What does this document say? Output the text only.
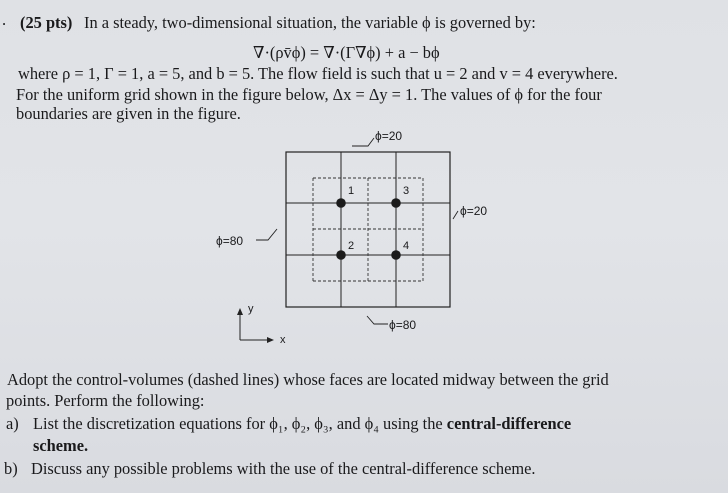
. (25 pts) In a steady, two-dimensional situation, the variable ϕ is governed by:
∇·(ρv̄ϕ) = ∇·(Γ∇ϕ) + a − bϕ
where ρ = 1, Γ = 1, a = 5, and b = 5. The flow field is such that u = 2 and v = 4 everywhere.
For the uniform grid shown in the figure below, Δx = Δy = 1. The values of ϕ for the four
boundaries are given in the figure.
1	3
2	4
ϕ=20
ϕ=20
ϕ=80
ϕ=80
y
x
Adopt the control-volumes (dashed lines) whose faces are located midway between the grid
points. Perform the following:
a) List the discretization equations for ϕ₁, ϕ₂, ϕ₃, and ϕ₄ using the central-difference
scheme.
b) Discuss any possible problems with the use of the central-difference scheme.
